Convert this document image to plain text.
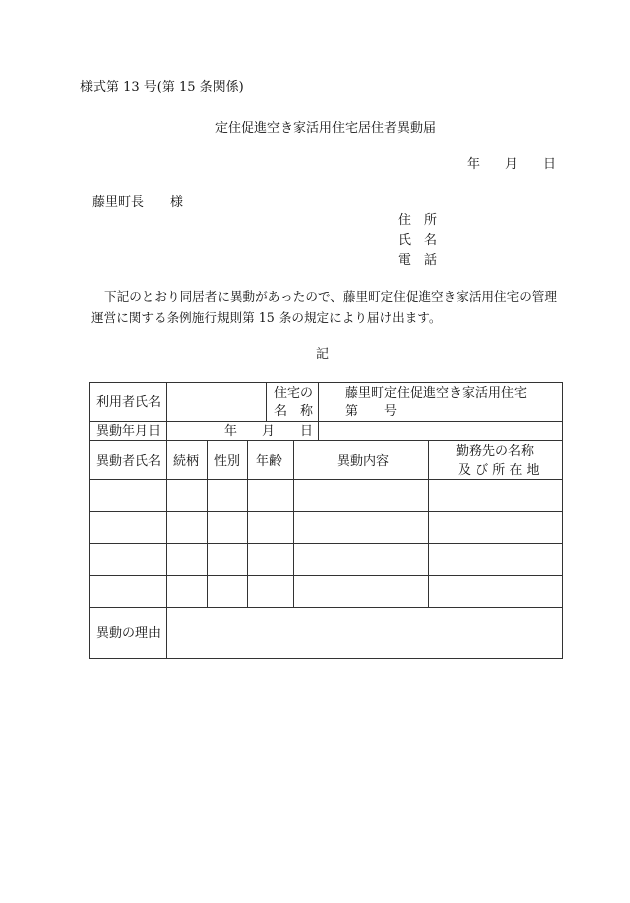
様式第 13 号(第 15 条関係)
定住促進空き家活用住宅居住者異動届
年 月 日
藤里町長 様
住　所
氏　名
電　話
下記のとおり同居者に異動があったので、藤里町定住促進空き家活用住宅の管理
運営に関する条例施行規則第 15 条の規定により届け出ます。
記
利用者氏名
住宅の
名　称
藤里町定住促進空き家活用住宅
第　　号
異動年月日	年 月 日
異動者氏名 続柄 性別 年齢	異動内容
勤務先の名称
及 び 所 在 地
異動の理由
